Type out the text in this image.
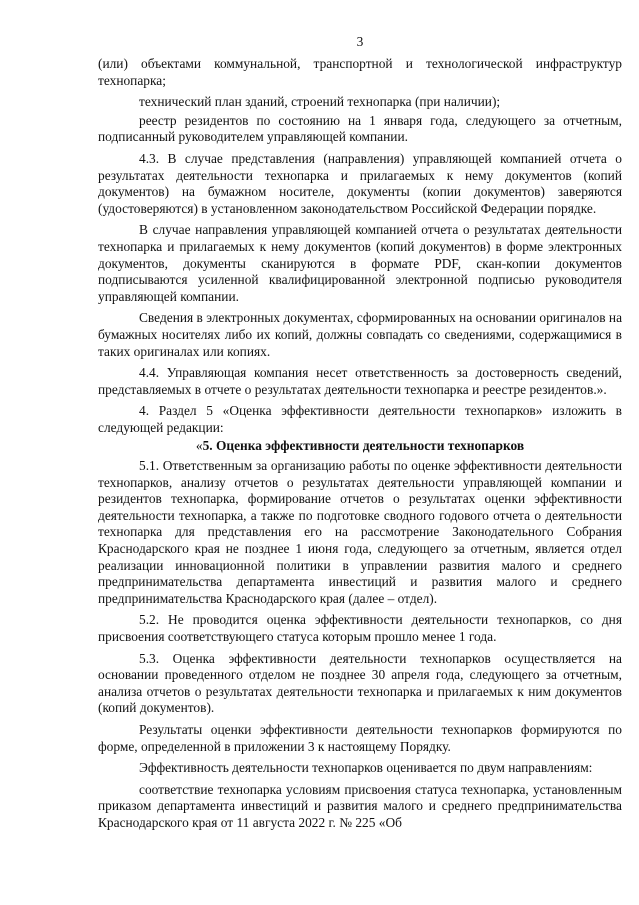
3

(или) объектами коммунальной, транспортной и технологической инфраструктур технопарка;

технический план зданий, строений технопарка (при наличии);

реестр резидентов по состоянию на 1 января года, следующего за отчетным, подписанный руководителем управляющей компании.

4.3. В случае представления (направления) управляющей компанией отчета о результатах деятельности технопарка и прилагаемых к нему документов (копий документов) на бумажном носителе, документы (копии документов) заверяются (удостоверяются) в установленном законодательством Российской Федерации порядке.

В случае направления управляющей компанией отчета о результатах деятельности технопарка и прилагаемых к нему документов (копий документов) в форме электронных документов, документы сканируются в формате PDF, скан-копии документов подписываются усиленной квалифицированной электронной подписью руководителя управляющей компании.

Сведения в электронных документах, сформированных на основании оригиналов на бумажных носителях либо их копий, должны совпадать со сведениями, содержащимися в таких оригиналах или копиях.

4.4. Управляющая компания несет ответственность за достоверность сведений, представляемых в отчете о результатах деятельности технопарка и реестре резидентов.».

4. Раздел 5 «Оценка эффективности деятельности технопарков» изложить в следующей редакции:

«5. Оценка эффективности деятельности технопарков

5.1. Ответственным за организацию работы по оценке эффективности деятельности технопарков, анализу отчетов о результатах деятельности управляющей компании и резидентов технопарка, формирование отчетов о результатах оценки эффективности деятельности технопарка, а также по подготовке сводного годового отчета о деятельности технопарка для представления его на рассмотрение Законодательного Собрания Краснодарского края не позднее 1 июня года, следующего за отчетным, является отдел реализации инновационной политики в управлении развития малого и среднего предпринимательства департамента инвестиций и развития малого и среднего предпринимательства Краснодарского края (далее – отдел).

5.2. Не проводится оценка эффективности деятельности технопарков, со дня присвоения соответствующего статуса которым прошло менее 1 года.

5.3. Оценка эффективности деятельности технопарков осуществляется на основании проведенного отделом не позднее 30 апреля года, следующего за отчетным, анализа отчетов о результатах деятельности технопарка и прилагаемых к ним документов (копий документов).

Результаты оценки эффективности деятельности технопарков формируются по форме, определенной в приложении 3 к настоящему Порядку.

Эффективность деятельности технопарков оценивается по двум направлениям:

соответствие технопарка условиям присвоения статуса технопарка, установленным приказом департамента инвестиций и развития малого и среднего предпринимательства Краснодарского края от 11 августа 2022 г. № 225 «Об
